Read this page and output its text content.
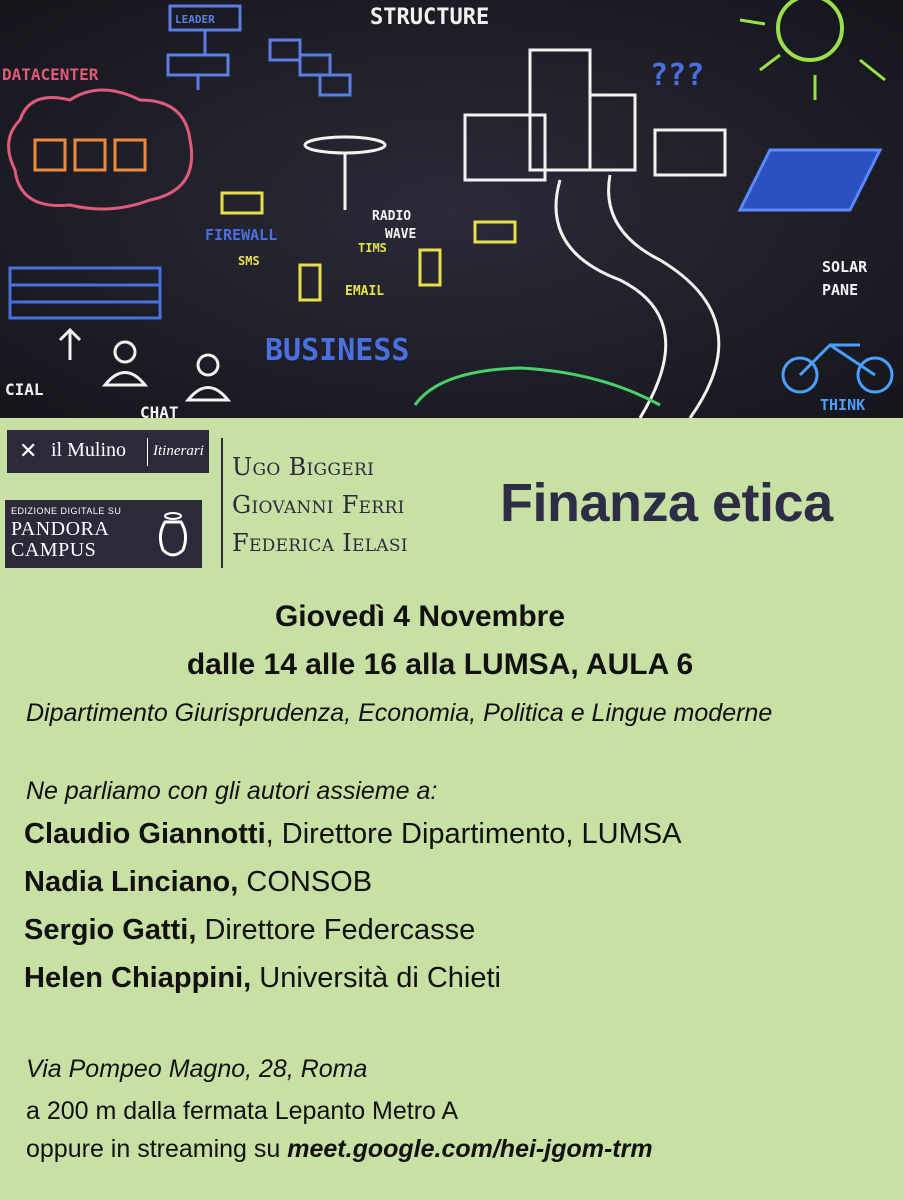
STRUCTURE
LEADER
DATACENTER
FIREWALL
RADIO
WAVE
SMS
TIMS
EMAIL
BUSINESS
SOLAR
PANE
THINK
CIAL
CHAT
???
✕ il Mulino Itinerari
EDIZIONE DIGITALE SU
PANDORA
CAMPUS
Ugo Biggeri
Giovanni Ferri
Federica Ielasi
Finanza etica
Giovedì 4 Novembre
dalle 14 alle 16 alla LUMSA, AULA 6
Dipartimento Giurisprudenza, Economia, Politica e Lingue moderne
Ne parliamo con gli autori assieme a:
Claudio Giannotti, Direttore Dipartimento, LUMSA
Nadia Linciano, CONSOB
Sergio Gatti, Direttore Federcasse
Helen Chiappini, Università di Chieti
Via Pompeo Magno, 28, Roma
a 200 m dalla fermata Lepanto Metro A
oppure in streaming su meet.google.com/hei-jgom-trm
